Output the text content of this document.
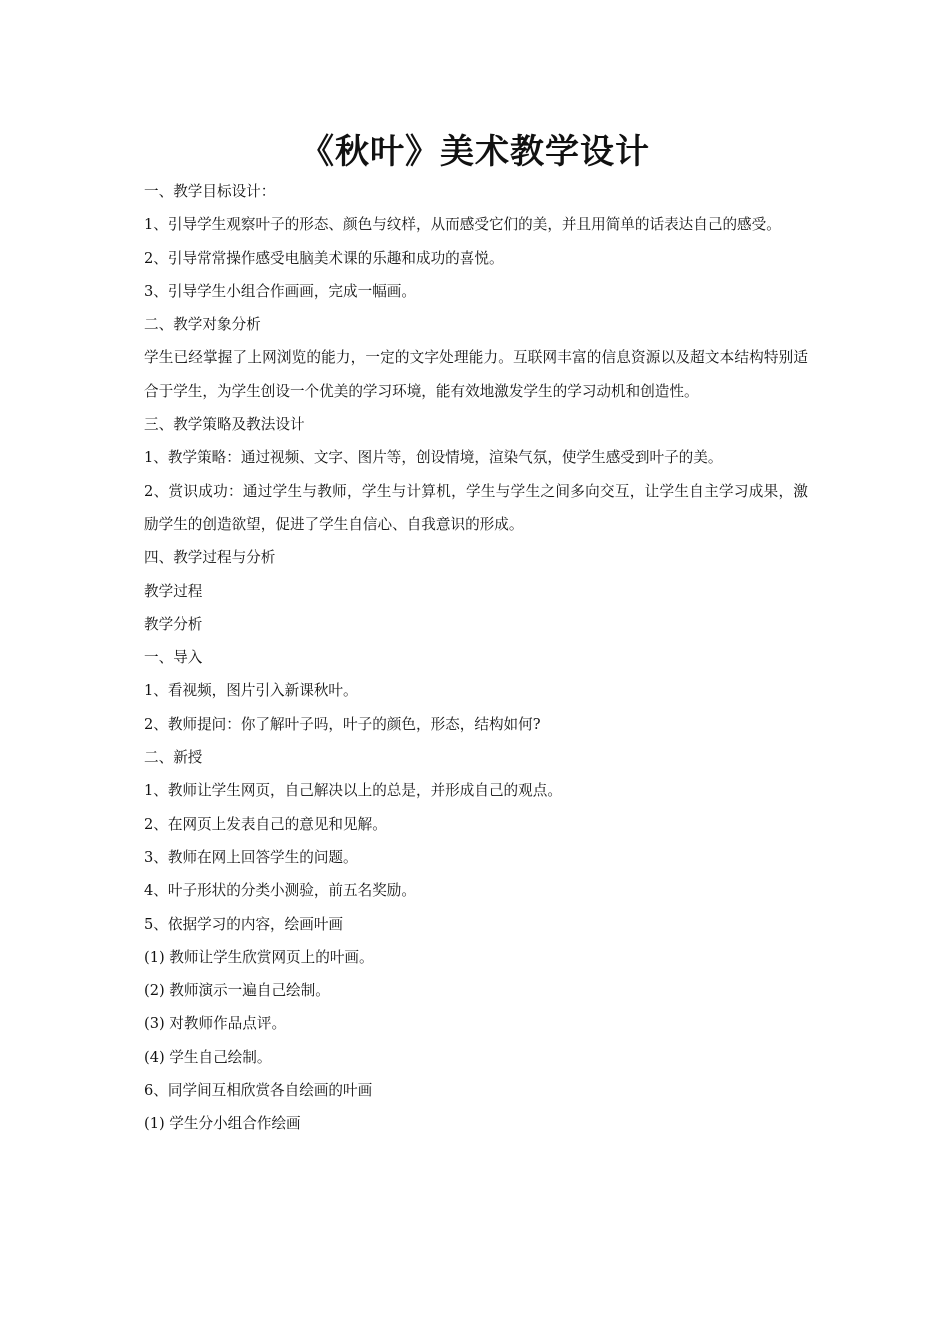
《秋叶》美术教学设计

一、教学目标设计：

1、引导学生观察叶子的形态、颜色与纹样，从而感受它们的美，并且用简单的话表达自己的感受。

2、引导常常操作感受电脑美术课的乐趣和成功的喜悦。

3、引导学生小组合作画画，完成一幅画。

二、教学对象分析

学生已经掌握了上网浏览的能力，一定的文字处理能力。互联网丰富的信息资源以及超文本结构特别适合于学生，为学生创设一个优美的学习环境，能有效地激发学生的学习动机和创造性。

三、教学策略及教法设计

1、教学策略：通过视频、文字、图片等，创设情境，渲染气氛，使学生感受到叶子的美。

2、赏识成功：通过学生与教师，学生与计算机，学生与学生之间多向交互，让学生自主学习成果，激励学生的创造欲望，促进了学生自信心、自我意识的形成。

四、教学过程与分析

教学过程

教学分析

一、导入

1、看视频，图片引入新课秋叶。

2、教师提问：你了解叶子吗，叶子的颜色，形态，结构如何?

二、新授

1、教师让学生网页，自己解决以上的总是，并形成自己的观点。

2、在网页上发表自己的意见和见解。

3、教师在网上回答学生的问题。

4、叶子形状的分类小测验，前五名奖励。

5、依据学习的内容，绘画叶画

(1) 教师让学生欣赏网页上的叶画。

(2) 教师演示一遍自己绘制。

(3) 对教师作品点评。

(4) 学生自己绘制。

6、同学间互相欣赏各自绘画的叶画

(1) 学生分小组合作绘画
